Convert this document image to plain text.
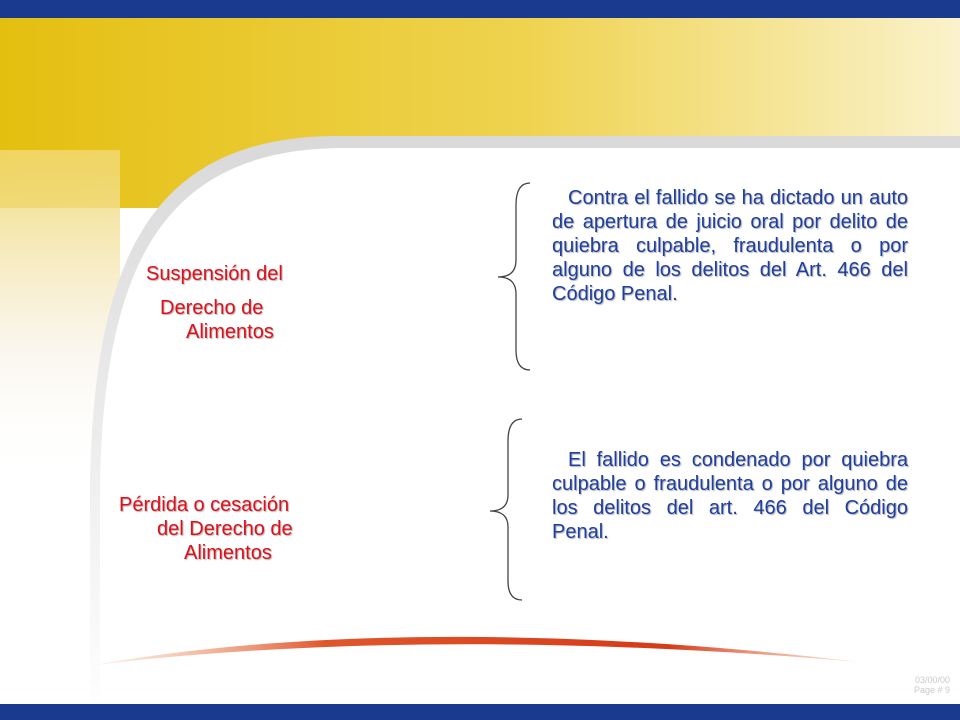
Suspensión del
Derecho de
Alimentos
Pérdida o cesación
del Derecho de
Alimentos
Contra el fallido se ha dictado un auto de apertura de juicio oral por delito de quiebra culpable, fraudulenta o por alguno de los delitos del Art. 466 del Código Penal.
El fallido es condenado por quiebra culpable o fraudulenta o por alguno de los delitos del art. 466 del Código Penal.
03/00/00
Page # 9
